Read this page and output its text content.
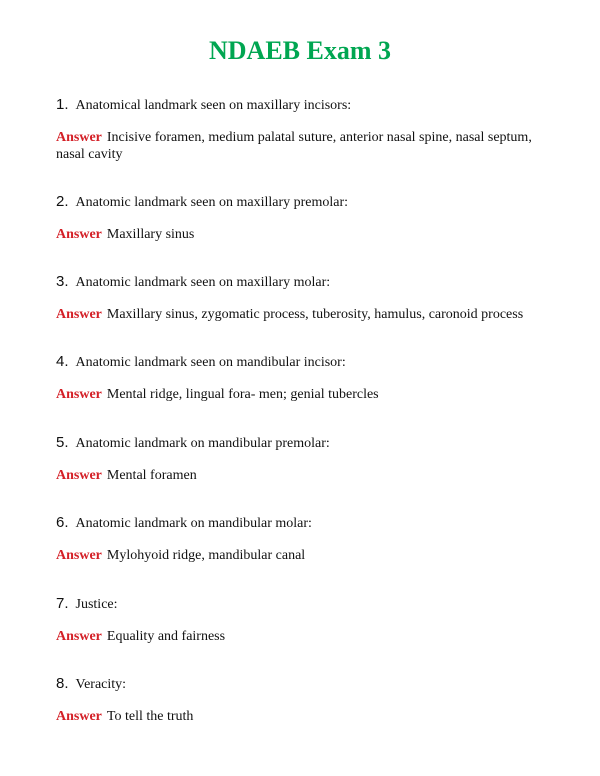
NDAEB Exam 3
1. Anatomical landmark seen on maxillary incisors:
Answer Incisive foramen, medium palatal suture, anterior nasal spine, nasal septum, nasal cavity
2. Anatomic landmark seen on maxillary premolar:
Answer Maxillary sinus
3. Anatomic landmark seen on maxillary molar:
Answer Maxillary sinus, zygomatic process, tuberosity, hamulus, caronoid process
4. Anatomic landmark seen on mandibular incisor:
Answer Mental ridge, lingual fora- men; genial tubercles
5. Anatomic landmark on mandibular premolar:
Answer Mental foramen
6. Anatomic landmark on mandibular molar:
Answer Mylohyoid ridge, mandibular canal
7. Justice:
Answer Equality and fairness
8. Veracity:
Answer To tell the truth
